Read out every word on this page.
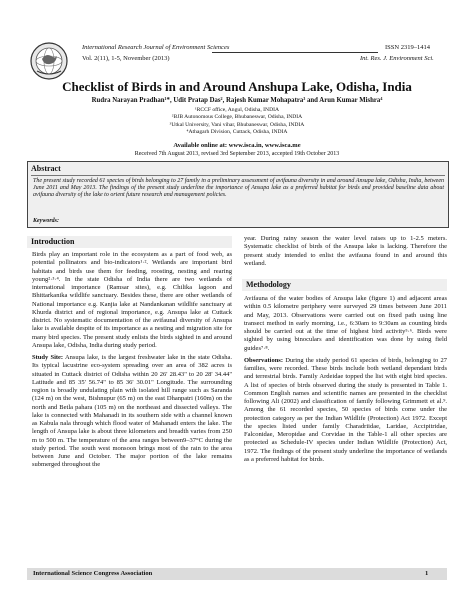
International Research Journal of Environment Sciences	ISSN 2319–1414
Vol. 2(11), 1-5, November (2013)	Int. Res. J. Environment Sci.
Checklist of Birds in and Around Anshupa Lake, Odisha, India
Rudra Narayan Pradhan¹*, Udit Pratap Das², Rajesh Kumar Mohapatra³ and Arun Kumar Mishra⁴
¹RCCF office, Angul, Odisha, INDIA
²BJB Autonomous College, Bhubaneswar, Odisha, INDIA
³Utkal University, Vani vihar, Bhubaneswar, Odisha, INDIA
⁴Athagarh Division, Cuttack, Odisha, INDIA
Available online at: www.isca.in, www.isca.me
Received 7th August 2013, revised 3rd September 2013, accepted 19th October 2013
Abstract
The present study recorded 61 species of birds belonging to 27 family in a preliminary assessment of avifauna diversity in and around Ansupa lake, Odisha, India, between June 2011 and May 2013. The findings of the present study underline the importance of Ansupa lake as a preferred habitat for birds and provided baseline data about avifauna diversity of the lake to orient future research and management policies.
Keywords:
Introduction

Birds play an important role in the ecosystem as a part of food web, as potential pollinators and bio-indicators¹·². Wetlands are important bird habitats and birds use them for feeding, roosting, nesting and rearing young²·³·⁴. In the state Odisha of India there are two wetlands of international importance (Ramsar sites), e.g. Chilika lagoon and Bhittarkanika wildlife sanctuary. Besides these, there are other wetlands of National importance e.g. Kanjia lake at Nandankanan wildlife sanctuary at Khurda district and of regional importance, e.g. Ansupa lake at Cuttack district. No systematic documentation of the avifaunal diversity of Ansupa lake is available despite of its importance as a nesting and migration site for many bird species. The present study enlists the birds sighted in and around Ansupa lake, Odisha, India during study period.

Study Site: Ansupa lake, is the largest freshwater lake in the state Odisha. Its typical lacustrine eco-system spreading over an area of 382 acres is situated in Cuttack district of Odisha within 20 26' 28.43" to 20 28' 34.44" Latitude and 85 35' 56.74" to 85 36' 30.01" Longitude. The surrounding region is broadly undulating plain with isolated hill range such as Saranda (124 m) on the west, Bishnupur (65 m) on the east Dhanpatri (160m) on the north and Betla pahara (105 m) on the northeast and dissected valleys. The lake is connected with Mahanadi in its southern side with a channel known as Kabula nala through which flood water of Mahanadi enters the lake. The length of Ansupa lake is about three kilometers and breadth varies from 250 m to 500 m. The temperature of the area ranges between9–37°C during the study period. The south west monsoon brings most of the rain to the area between June and October. The major portion of the lake remains submerged throughout the

year. During rainy season the water level raises up to 1-2.5 meters. Systematic checklist of birds of the Ansupa lake is lacking. Therefore the present study intended to enlist the avifauna found in and around this wetland.

Methodology

Avifauna of the water bodies of Ansupa lake (figure 1) and adjacent areas within 0.5 kilometre periphery were surveyed 29 times between June 2011 and May, 2013. Observations were carried out on fixed path using line transect method in early morning, i.e., 6:30am to 9:30am as counting birds should be carried out at the time of highest bird activity⁵·⁶. Birds were sighted by using binoculars and identification was done by using field guides⁷·⁸.

Observations: During the study period 61 species of birds, belonging to 27 families, were recorded. These birds include both wetland dependant birds and terrestrial birds. Family Ardeidae topped the list with eight bird species. A list of species of birds observed during the study is presented in Table 1. Common English names and scientific names are presented in the checklist following Ali (2002) and classification of family following Grimmett et al.⁹. Among the 61 recorded species, 50 species of birds come under the protection category as per the Indian Wildlife (Protection) Act 1972. Except the species listed under family Charadriidae, Laridae, Accipitridae, Falconidae, Meropidae and Corvidae in the Table-1 all other species are protected as Schedule-IV species under Indian Wildlife (Protection) Act, 1972. The findings of the present study underline the importance of wetlands as a preferred habitat for birds.

International Science Congress Association	1
